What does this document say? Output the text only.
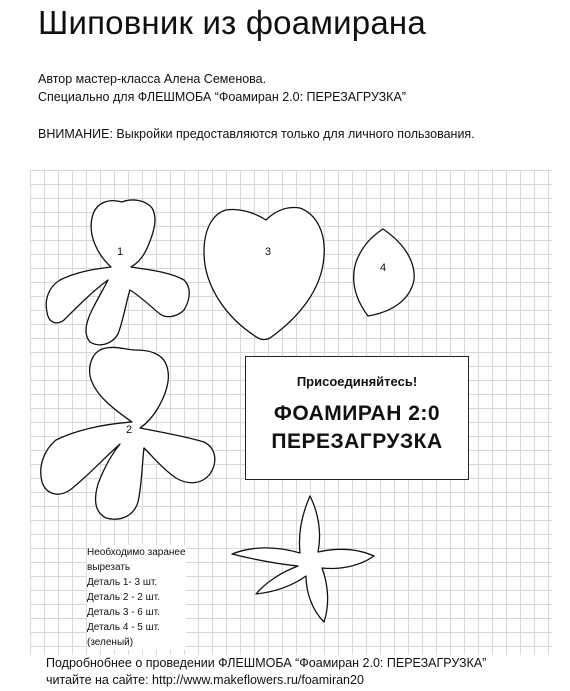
Шиповник из фоамирана
Автор мастер-класса Алена Семенова.
Специально для ФЛЕШМОБА “Фоамиран 2.0: ПЕРЕЗАГРУЗКА”
ВНИМАНИЕ: Выкройки предоставляются только для личного пользования.
1
2
3
4
Присоединяйтесь!
ФОАМИРАН 2:0
ПЕРЕЗАГРУЗКА
Необходимо заранее
вырезать
Деталь 1- 3 шт.
Деталь 2 - 2 шт.
Деталь 3 - 6 шт.
Деталь 4 - 5 шт.
(зеленый)
Подробнобнее о проведении ФЛЕШМОБА “Фоамиран 2.0: ПЕРЕЗАГРУЗКА”
читайте на сайте: http://www.makeflowers.ru/foamiran20
